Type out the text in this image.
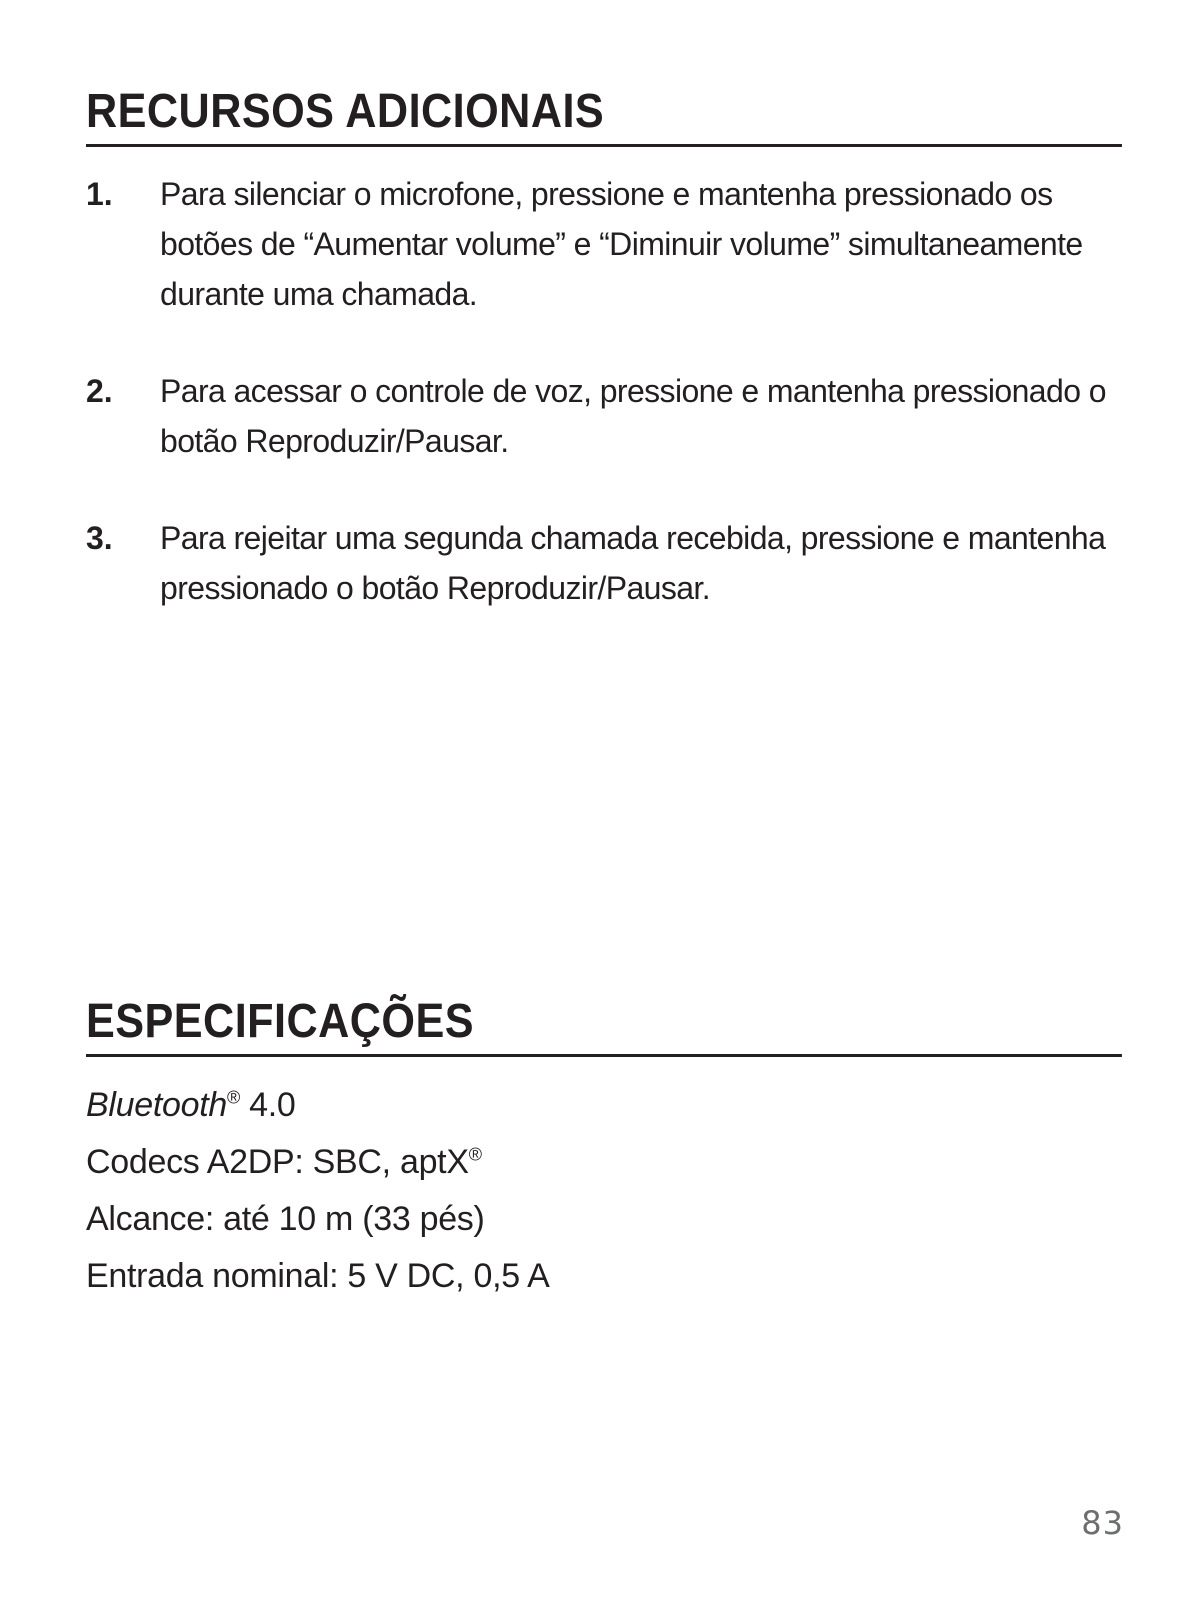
RECURSOS ADICIONAIS
1.	Para silenciar o microfone, pressione e mantenha pressionado os botões de “Aumentar volume” e “Diminuir volume” simultaneamente durante uma chamada.
2.	Para acessar o controle de voz, pressione e mantenha pressionado o botão Reproduzir/Pausar.
3.	Para rejeitar uma segunda chamada recebida, pressione e mantenha pressionado o botão Reproduzir/Pausar.
ESPECIFICAÇÕES
Bluetooth® 4.0
Codecs A2DP: SBC, aptX®
Alcance: até 10 m (33 pés)
Entrada nominal: 5 V DC, 0,5 A
83
